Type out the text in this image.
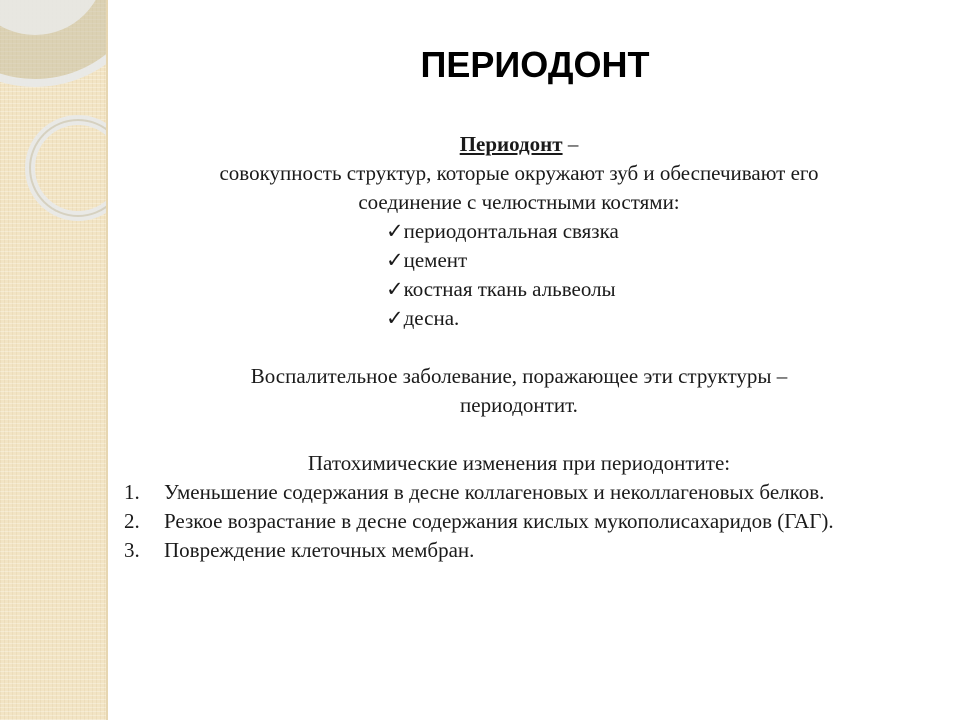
ПЕРИОДОНТ
Периодонт –
совокупность структур, которые окружают зуб и обеспечивают его
соединение с челюстными костями:
✓периодонтальная связка
✓цемент
✓костная ткань альвеолы
✓десна.
Воспалительное заболевание, поражающее эти структуры –
периодонтит.
Патохимические изменения при периодонтите:
1.	Уменьшение содержания в десне коллагеновых и неколлагеновых белков.
2.	Резкое возрастание в десне содержания кислых мукополисахаридов (ГАГ).
3.	Повреждение клеточных мембран.
